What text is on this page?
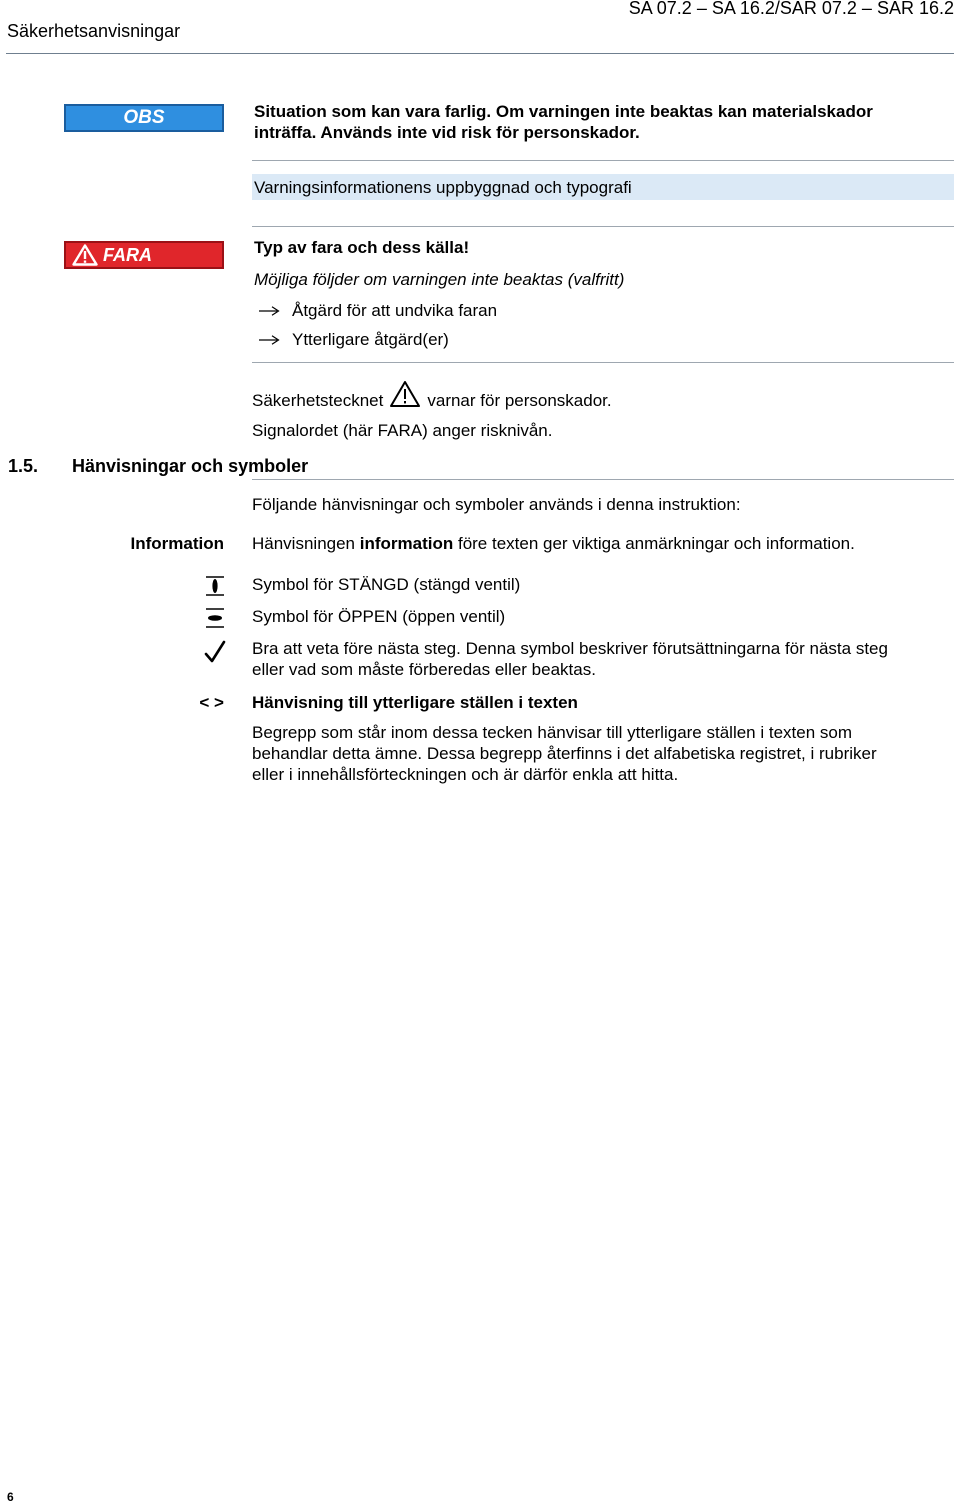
Säkerhetsanvisningar
SA 07.2 – SA 16.2/SAR 07.2 – SAR 16.2
OBS	Situation som kan vara farlig. Om varningen inte beaktas kan materialskador
inträffa. Används inte vid risk för personskador.
Varningsinformationens uppbyggnad och typografi
FARA	Typ av fara och dess källa!
Möjliga följder om varningen inte beaktas (valfritt)
Åtgärd för att undvika faran
Ytterligare åtgärd(er)
Säkerhetstecknet	varnar för personskador.
Signalordet (här FARA) anger risknivån.
1.5. Hänvisningar och symboler
Följande hänvisningar och symboler används i denna instruktion:
Information Hänvisningen information före texten ger viktiga anmärkningar och information.
Symbol för STÄNGD (stängd ventil)
Symbol för ÖPPEN (öppen ventil)
Bra att veta före nästa steg. Denna symbol beskriver förutsättningarna för nästa steg
eller vad som måste förberedas eller beaktas.
< > Hänvisning till ytterligare ställen i texten
Begrepp som står inom dessa tecken hänvisar till ytterligare ställen i texten som
behandlar detta ämne. Dessa begrepp återfinns i det alfabetiska registret, i rubriker
eller i innehållsförteckningen och är därför enkla att hitta.
6
